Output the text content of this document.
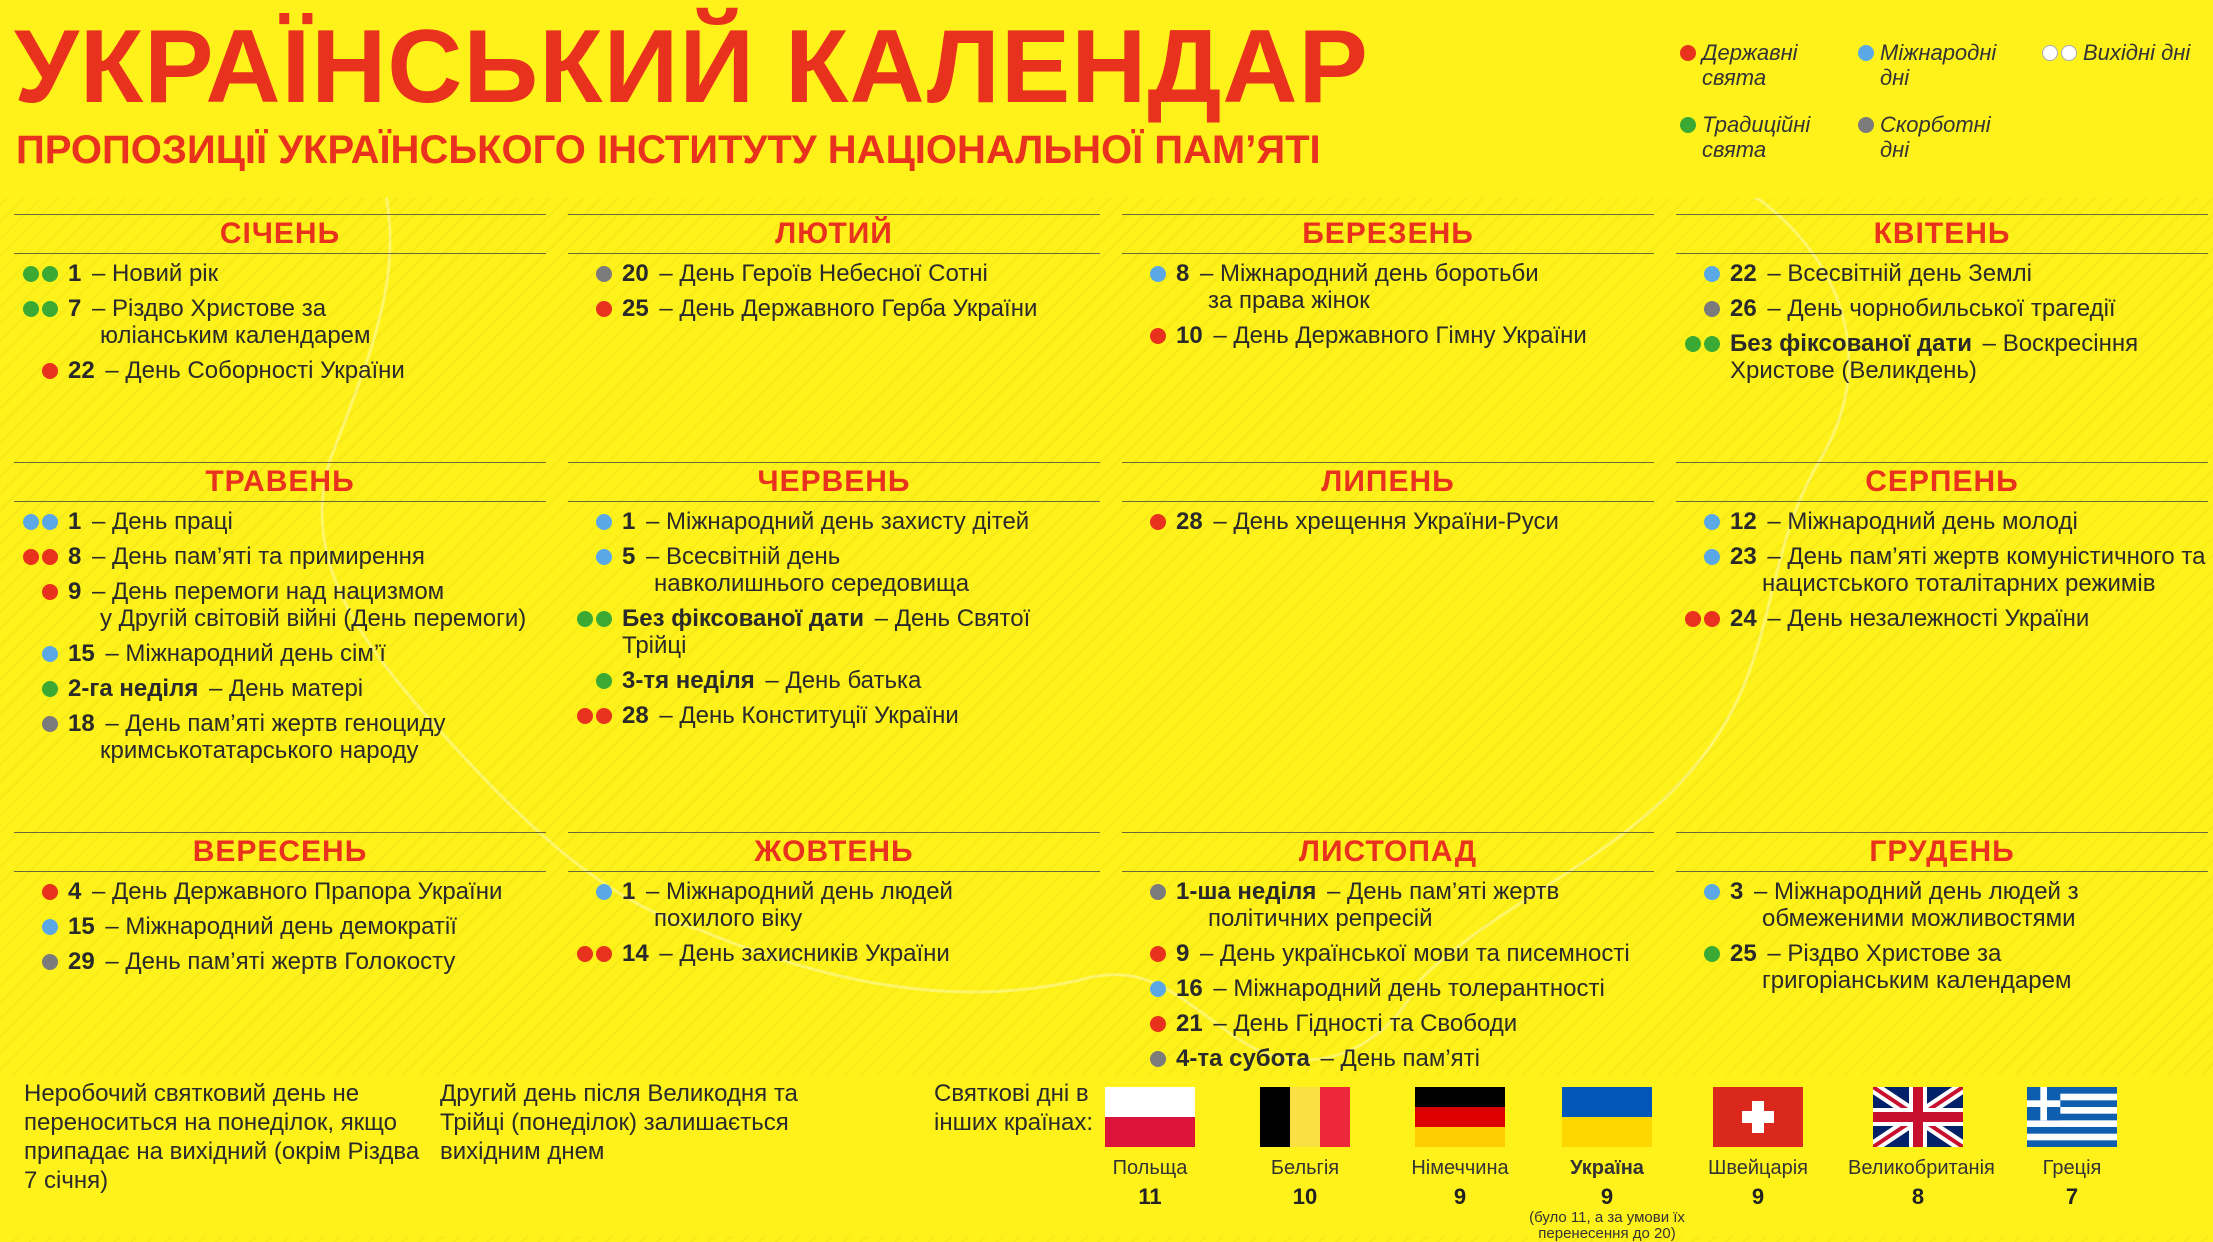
УКРАЇНСЬКИЙ КАЛЕНДАР
ПРОПОЗИЦІЇ УКРАЇНСЬКОГО ІНСТИТУТУ НАЦІОНАЛЬНОЇ ПАМ’ЯТІ
Державні свята
Міжнародні дні
Вихідні дні
Традиційні свята
Скорботні дні
СІЧЕНЬ
1 – Новий рік
7 – Різдво Христове за
юліанським календарем
22 – День Соборності України
ЛЮТИЙ
20 – День Героїв Небесної Сотні
25 – День Державного Герба України
БЕРЕЗЕНЬ
8 – Міжнародний день боротьби
за права жінок
10 – День Державного Гімну України
КВІТЕНЬ
22 – Всесвітній день Землі
26 – День чорнобильської трагедії
Без фіксованої дати – Воскресіння
Христове (Великдень)
ТРАВЕНЬ
1 – День праці
8 – День пам’яті та примирення
9 – День перемоги над нацизмом
у Другій світовій війні (День перемоги)
15 – Міжнародний день сім’ї
2-га неділя – День матері
18 – День пам’яті жертв геноциду
кримськотатарського народу
ЧЕРВЕНЬ
1 – Міжнародний день захисту дітей
5 – Всесвітній день
навколишнього середовища
Без фіксованої дати – День Святої Трійці
3-тя неділя – День батька
28 – День Конституції України
ЛИПЕНЬ
28 – День хрещення України-Руси
СЕРПЕНЬ
12 – Міжнародний день молоді
23 – День пам’яті жертв комуністичного та
нацистського тоталітарних режимів
24 – День незалежності України
ВЕРЕСЕНЬ
4 – День Державного Прапора України
15 – Міжнародний день демократії
29 – День пам’яті жертв Голокосту
ЖОВТЕНЬ
1 – Міжнародний день людей
похилого віку
14 – День захисників України
ЛИСТОПАД
1-ша неділя – День пам’яті жертв
політичних репресій
9 – День української мови та писемності
16 – Міжнародний день толерантності
21 – День Гідності та Свободи
4-та субота – День пам’яті
ГРУДЕНЬ
3 – Міжнародний день людей з
обмеженими можливостями
25 – Різдво Христове за
григоріанським календарем
Неробочий святковий день не переноситься на понеділок, якщо припадає на вихідний (окрім Різдва 7 січня)
Другий день після Великодня та Трійці (понеділок) залишається вихідним днем
Святкові дні в інших країнах:
Польща
11
Бельгія
10
Німеччина
9
Україна
9
(було 11, а за умови їх перенесення до 20)
Швейцарія
9
Великобританія
8
Греція
7
